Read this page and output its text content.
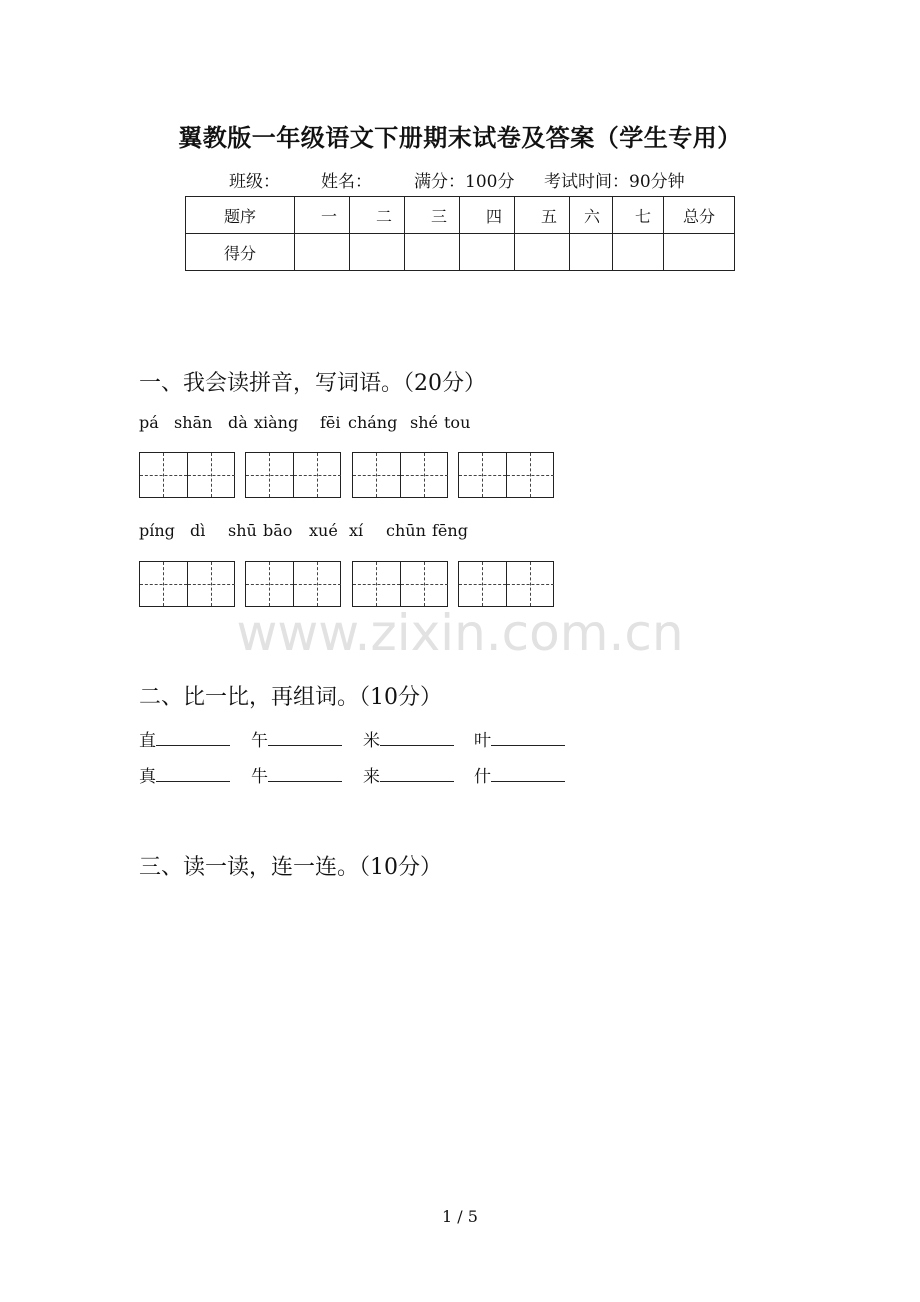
翼教版一年级语文下册期末试卷及答案（学生专用）
班级： 姓名： 满分：100分 考试时间：90分钟
题序	一	二	三	四	五	六	七	总分
得分								
一、我会读拼音，写词语。（20分）
pá shān dà xiàng fēi cháng shé tou
píng dì shū bāo xué xí chūn fēng
www.zixin.com.cn
二、比一比，再组词。（10分）
直	午	米	叶
真	牛	来	什
三、读一读，连一连。（10分）
1 / 5
